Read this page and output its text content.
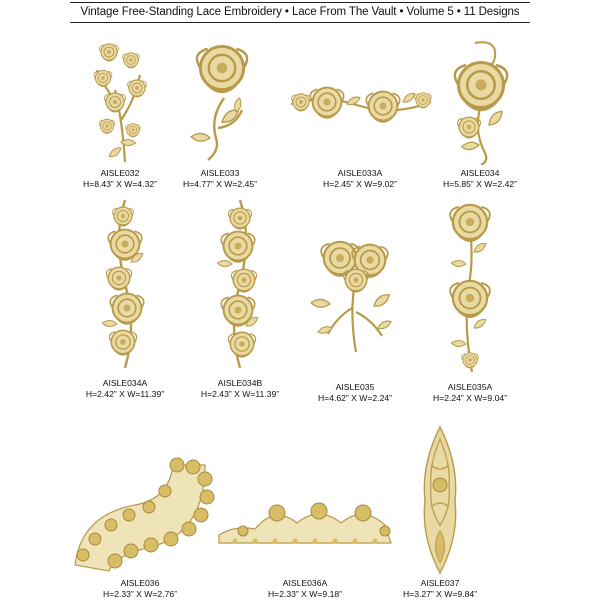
Vintage Free-Standing Lace Embroidery • Lace From The Vault • Volume 5 • 11 Designs
AISLE032
H=8.43” X W=4.32”
AISLE033
H=4.77” X W=2.45”
AISLE033A
H=2.45” X W=9.02”
AISLE034
H=5.85” X W=2.42”
AISLE034A
H=2.42” X W=11.39”
AISLE034B
H=2.43” X W=11.39”
AISLE035
H=4.62” X W=2.24”
AISLE035A
H=2.24” X W=9.04”
AISLE036
H=2.33” X W=2.76”
AISLE036A
H=2.33” X W=9.18”
AISLE037
H=3.27” X W=9.84”
